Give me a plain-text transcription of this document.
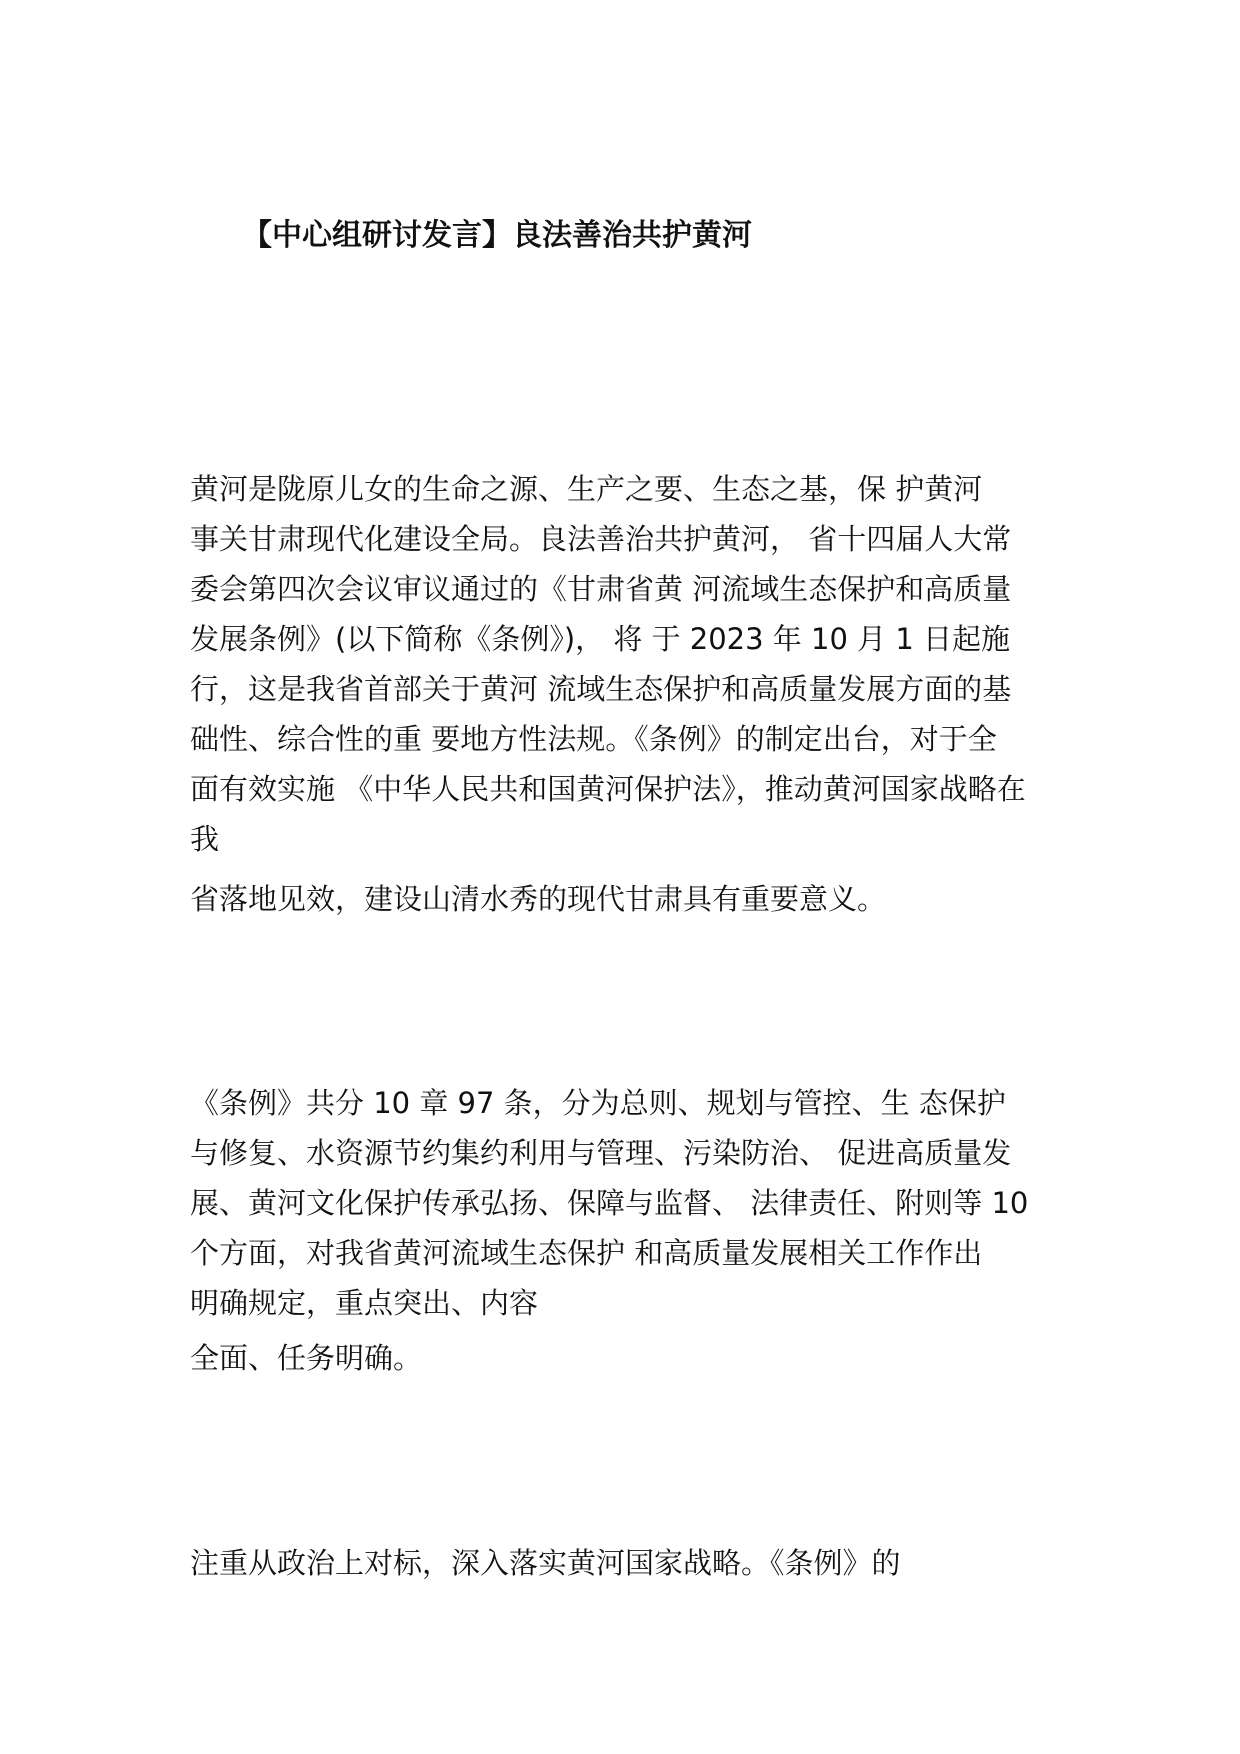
【中心组研讨发言】良法善治共护黄河
黄河是陇原儿女的生命之源、生产之要、生态之基，保 护黄河
事关甘肃现代化建设全局。良法善治共护黄河， 省十四届人大常
委会第四次会议审议通过的《甘肃省黄 河流域生态保护和高质量
发展条例》(以下简称《条例》)， 将 于 2023 年 10 月 1 日起施
行，这是我省首部关于黄河 流域生态保护和高质量发展方面的基
础性、综合性的重 要地方性法规。《条例》的制定出台，对于全
面有效实施 《中华人民共和国黄河保护法》，推动黄河国家战略在
我
省落地见效，建设山清水秀的现代甘肃具有重要意义。
《条例》共分 10 章 97 条，分为总则、规划与管控、生 态保护
与修复、水资源节约集约利用与管理、污染防治、 促进高质量发
展、黄河文化保护传承弘扬、保障与监督、 法律责任、附则等 10
个方面，对我省黄河流域生态保护 和高质量发展相关工作作出
明确规定，重点突出、内容
全面、任务明确。
注重从政治上对标，深入落实黄河国家战略。《条例》的
